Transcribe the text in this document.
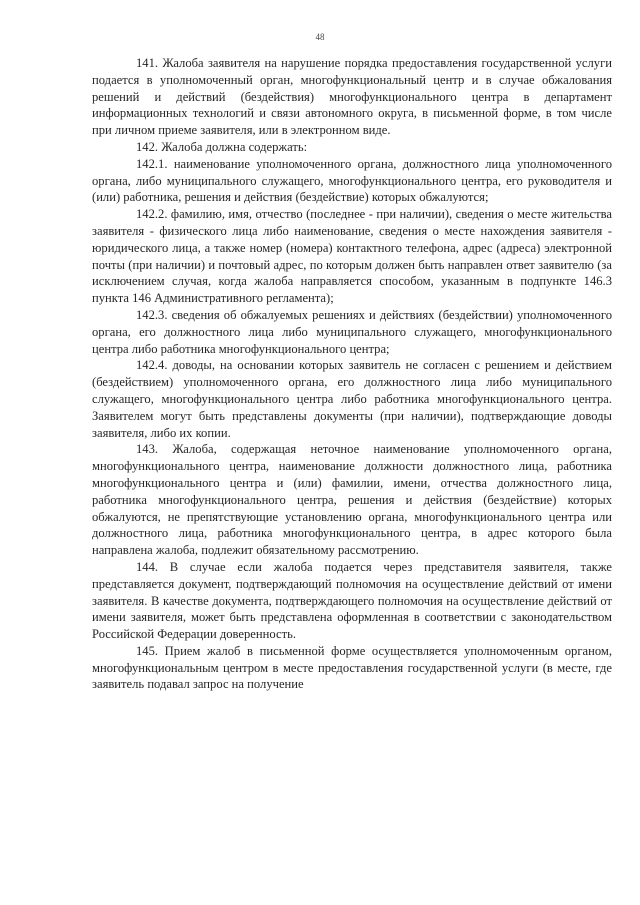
48

141. Жалоба заявителя на нарушение порядка предоставления государственной услуги подается в уполномоченный орган, многофункциональный центр и в случае обжалования решений и действий (бездействия) многофункционального центра в департамент информационных технологий и связи автономного округа, в письменной форме, в том числе при личном приеме заявителя, или в электронном виде.

142. Жалоба должна содержать:

142.1. наименование уполномоченного органа, должностного лица уполномоченного органа, либо муниципального служащего, многофункционального центра, его руководителя и (или) работника, решения и действия (бездействие) которых обжалуются;

142.2. фамилию, имя, отчество (последнее - при наличии), сведения о месте жительства заявителя - физического лица либо наименование, сведения о месте нахождения заявителя - юридического лица, а также номер (номера) контактного телефона, адрес (адреса) электронной почты (при наличии) и почтовый адрес, по которым должен быть направлен ответ заявителю (за исключением случая, когда жалоба направляется способом, указанным в подпункте 146.3 пункта 146 Административного регламента);

142.3. сведения об обжалуемых решениях и действиях (бездействии) уполномоченного органа, его должностного лица либо муниципального служащего, многофункционального центра либо работника многофункционального центра;

142.4. доводы, на основании которых заявитель не согласен с решением и действием (бездействием) уполномоченного органа, его должностного лица либо муниципального служащего, многофункционального центра либо работника многофункционального центра. Заявителем могут быть представлены документы (при наличии), подтверждающие доводы заявителя, либо их копии.

143. Жалоба, содержащая неточное наименование уполномоченного органа, многофункционального центра, наименование должности должностного лица, работника многофункционального центра и (или) фамилии, имени, отчества должностного лица, работника многофункционального центра, решения и действия (бездействие) которых обжалуются, не препятствующие установлению органа, многофункционального центра или должностного лица, работника многофункционального центра, в адрес которого была направлена жалоба, подлежит обязательному рассмотрению.

144. В случае если жалоба подается через представителя заявителя, также представляется документ, подтверждающий полномочия на осуществление действий от имени заявителя. В качестве документа, подтверждающего полномочия на осуществление действий от имени заявителя, может быть представлена оформленная в соответствии с законодательством Российской Федерации доверенность.

145. Прием жалоб в письменной форме осуществляется уполномоченным органом, многофункциональным центром в месте предоставления государственной услуги (в месте, где заявитель подавал запрос на получение
